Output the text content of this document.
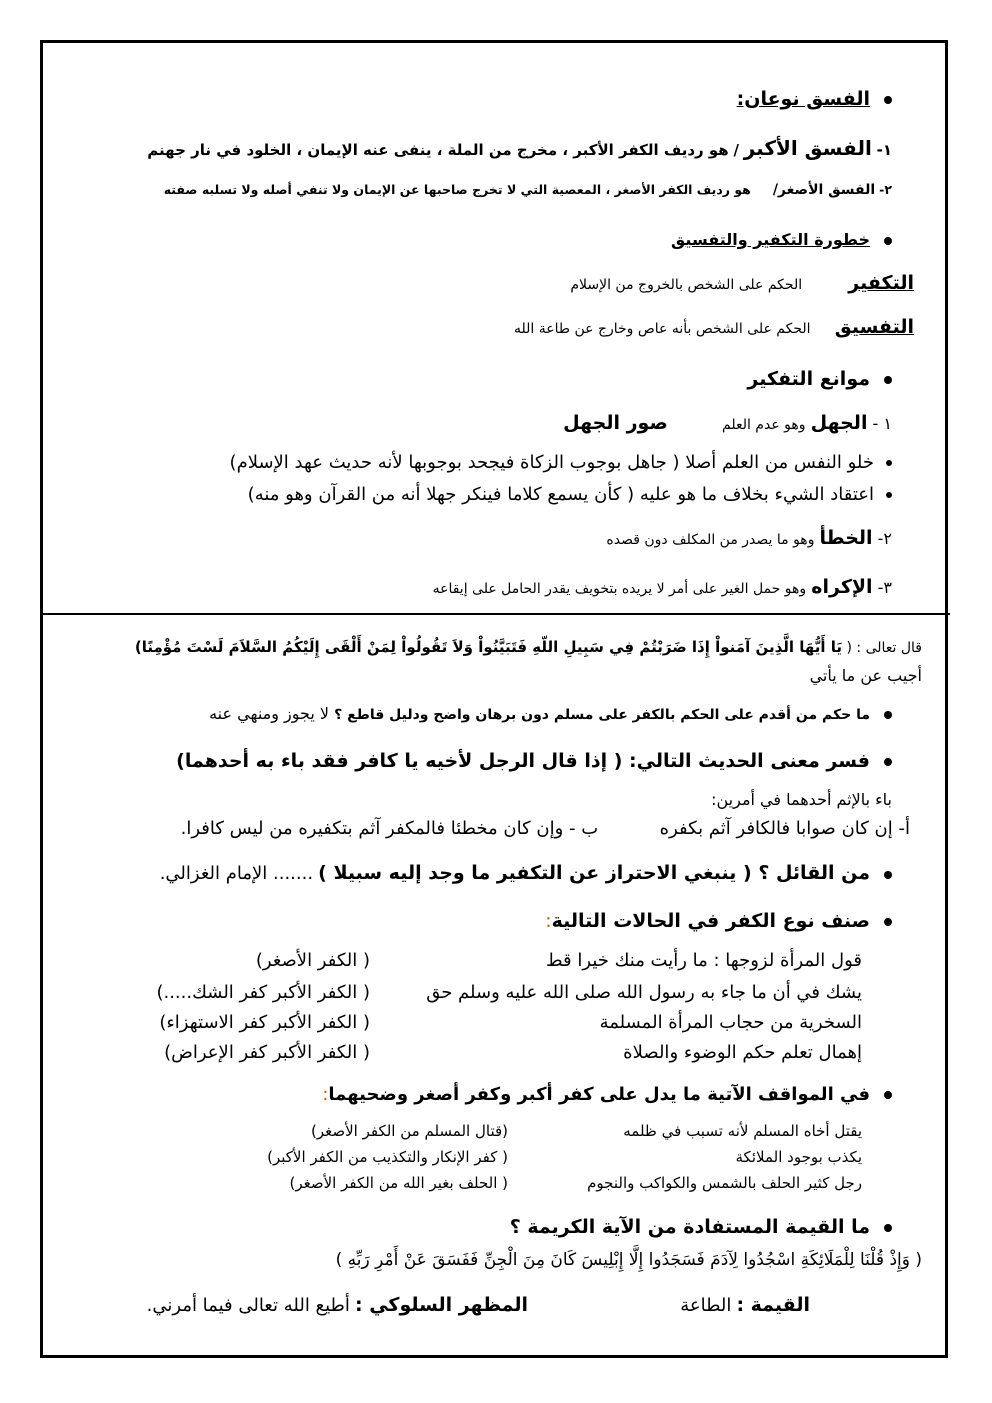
الفسق نوعان:
١- الفسق الأكبر / هو رديف الكفر الأكبر ، مخرج من الملة ، ينفى عنه الإيمان ، الخلود في نار جهنم
٢- الفسق الأصغر/  هو رديف الكفر الأصغر ، المعصية التي لا تخرج صاحبها عن الإيمان ولا تنفي أصله ولا تسلبه صفته
خطورة التكفير والتفسيق
التكفير  الحكم على الشخص بالخروج من الإسلام
التفسيق  الحكم على الشخص بأنه عاص وخارج عن طاعة الله
موانع التفكير
١ - الجهل وهو عدم العلم  صور الجهل
خلو النفس من العلم أصلا ( جاهل بوجوب الزكاة فيجحد بوجوبها لأنه حديث عهد الإسلام)
اعتقاد الشيء بخلاف ما هو عليه ( كأن يسمع كلاما فينكر جهلا أنه من القرآن وهو منه)
٢- الخطأ وهو ما يصدر من المكلف دون قصده
٣- الإكراه وهو حمل الغير على أمر لا يريده بتخويف يقدر الحامل على إيقاعه
قال تعالى : ( يَا أَيُّهَا الَّذِينَ آمَنواْ إِذَا ضَرَبْتُمْ فِي سَبِيلِ اللّهِ فَتَبَيَّنُواْ وَلاَ تَقُولُواْ لِمَنْ أَلْقَى إِلَيْكُمُ السَّلاَمَ لَسْتَ مُؤْمِنًا)
أجيب عن ما يأتي
ما حكم من أقدم على الحكم بالكفر على مسلم دون برهان واضح ودليل قاطع ؟ لا يجوز ومنهي عنه
فسر معنى الحديث التالي: ( إذا قال الرجل لأخيه يا كافر فقد باء به أحدهما)
باء بالإثم أحدهما في أمرين:
أ- إن كان صوابا فالكافر آثم بكفره  ب - وإن كان مخطئا فالمكفر آثم بتكفيره من ليس كافرا.
من القائل ؟ ( ينبغي الاحتراز عن التكفير ما وجد إليه سبيلا ) ....... الإمام الغزالي.
صنف نوع الكفر في الحالات التالية:
قول المرأة لزوجها : ما رأيت منك خيرا قط
( الكفر الأصغر)
يشك في أن ما جاء به رسول الله صلى الله عليه وسلم حق
( الكفر الأكبر كفر الشك.....)
السخرية من حجاب المرأة المسلمة
( الكفر الأكبر كفر الاستهزاء)
إهمال تعلم حكم الوضوء والصلاة
( الكفر الأكبر كفر الإعراض)
في المواقف الآتية ما يدل على كفر أكبر وكفر أصغر وضحيهما:
يقتل أخاه المسلم لأنه تسبب في ظلمه
(قتال المسلم من الكفر الأصغر)
يكذب بوجود الملائكة
( كفر الإنكار والتكذيب من الكفر الأكبر)
رجل كثير الحلف بالشمس والكواكب والنجوم
( الحلف بغير الله من الكفر الأصغر)
ما القيمة المستفادة من الآية الكريمة ؟
( وَإِذْ قُلْنَا لِلْمَلَائِكَةِ اسْجُدُوا لِآدَمَ فَسَجَدُوا إِلَّا إِبْلِيسَ كَانَ مِنَ الْجِنِّ فَفَسَقَ عَنْ أَمْرِ رَبِّهِ )
القيمة : الطاعة
المظهر السلوكي : أطيع الله تعالى فيما أمرني.
